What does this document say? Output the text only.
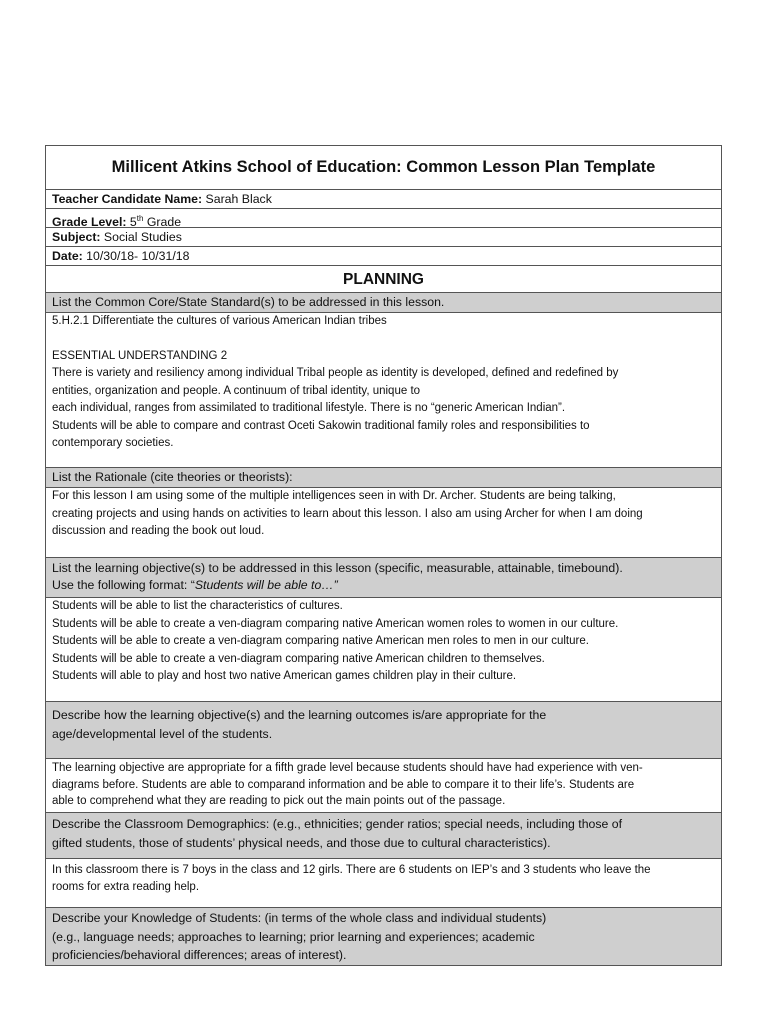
Millicent Atkins School of Education: Common Lesson Plan Template
Teacher Candidate Name: Sarah Black
Grade Level: 5th Grade
Subject: Social Studies
Date: 10/30/18- 10/31/18
PLANNING
List the Common Core/State Standard(s) to be addressed in this lesson.
5.H.2.1 Differentiate the cultures of various American Indian tribes
ESSENTIAL UNDERSTANDING 2
There is variety and resiliency among individual Tribal people as identity is developed, defined and redefined by
entities, organization and people. A continuum of tribal identity, unique to
each individual, ranges from assimilated to traditional lifestyle. There is no “generic American Indian”.
Students will be able to compare and contrast Oceti Sakowin traditional family roles and responsibilities to
contemporary societies.
List the Rationale (cite theories or theorists):
For this lesson I am using some of the multiple intelligences seen in with Dr. Archer. Students are being talking,
creating projects and using hands on activities to learn about this lesson. I also am using Archer for when I am doing
discussion and reading the book out loud.
List the learning objective(s) to be addressed in this lesson (specific, measurable, attainable, timebound).
Use the following format: “Students will be able to…”
Students will be able to list the characteristics of cultures.
Students will be able to create a ven-diagram comparing native American women roles to women in our culture.
Students will be able to create a ven-diagram comparing native American men roles to men in our culture.
Students will be able to create a ven-diagram comparing native American children to themselves.
Students will able to play and host two native American games children play in their culture.
Describe how the learning objective(s) and the learning outcomes is/are appropriate for the
age/developmental level of the students.
The learning objective are appropriate for a fifth grade level because students should have had experience with ven-
diagrams before. Students are able to comparand information and be able to compare it to their life’s. Students are
able to comprehend what they are reading to pick out the main points out of the passage.
Describe the Classroom Demographics: (e.g., ethnicities; gender ratios; special needs, including those of
gifted students, those of students’ physical needs, and those due to cultural characteristics).
In this classroom there is 7 boys in the class and 12 girls. There are 6 students on IEP’s and 3 students who leave the
rooms for extra reading help.
Describe your Knowledge of Students: (in terms of the whole class and individual students)
(e.g., language needs; approaches to learning; prior learning and experiences; academic
proficiencies/behavioral differences; areas of interest).
